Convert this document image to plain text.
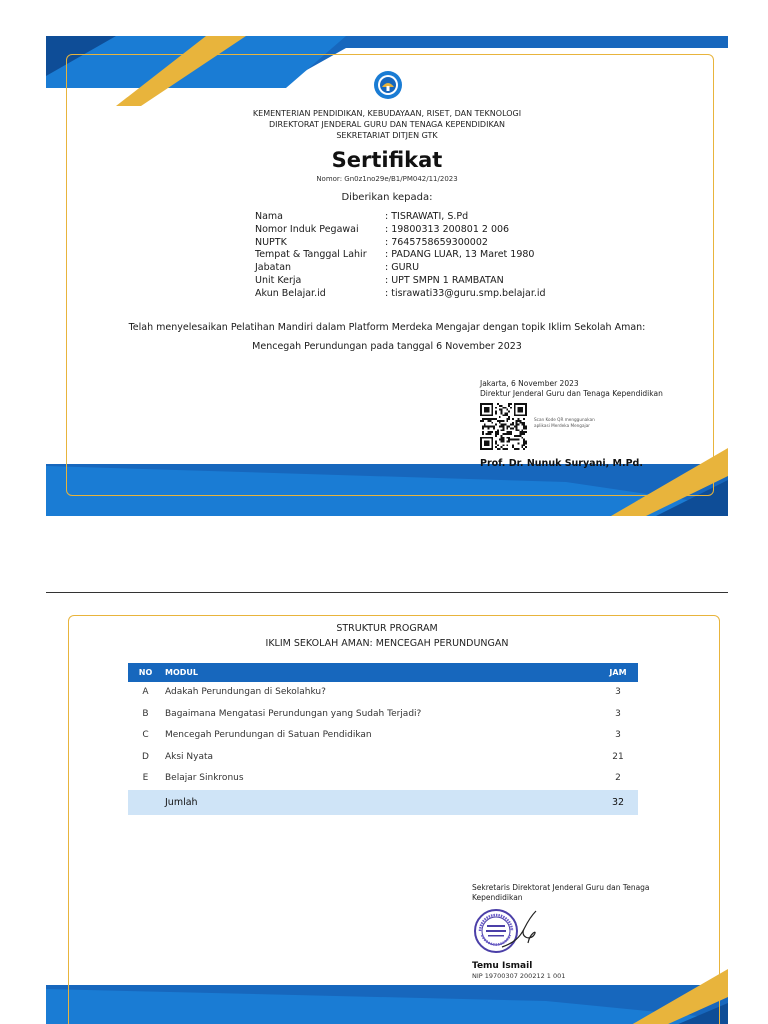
KEMENTERIAN PENDIDIKAN, KEBUDAYAAN, RISET, DAN TEKNOLOGI
DIREKTORAT JENDERAL GURU DAN TENAGA KEPENDIDIKAN
SEKRETARIAT DITJEN GTK
Sertifikat
Nomor: Gn0z1no29e/B1/PM042/11/2023
Diberikan kepada:
Nama	: TISRAWATI, S.Pd
Nomor Induk Pegawai	: 19800313 200801 2 006
NUPTK	: 7645758659300002
Tempat & Tanggal Lahir	: PADANG LUAR, 13 Maret 1980
Jabatan	: GURU
Unit Kerja	: UPT SMPN 1 RAMBATAN
Akun Belajar.id	: tisrawati33@guru.smp.belajar.id
Telah menyelesaikan Pelatihan Mandiri dalam Platform Merdeka Mengajar dengan topik Iklim Sekolah Aman:
Mencegah Perundungan pada tanggal 6 November 2023
Jakarta, 6 November 2023
Direktur Jenderal Guru dan Tenaga Kependidikan
Scan Kode QR menggunakan aplikasi Merdeka Mengajar
Prof. Dr. Nunuk Suryani, M.Pd.
STRUKTUR PROGRAM
IKLIM SEKOLAH AMAN: MENCEGAH PERUNDUNGAN
NO	MODUL	JAM
A	Adakah Perundungan di Sekolahku?	3
B	Bagaimana Mengatasi Perundungan yang Sudah Terjadi?	3
C	Mencegah Perundungan di Satuan Pendidikan	3
D	Aksi Nyata	21
E	Belajar Sinkronus	2
Jumlah	32
Sekretaris Direktorat Jenderal Guru dan Tenaga Kependidikan
Temu Ismail
NIP 19700307 200212 1 001
